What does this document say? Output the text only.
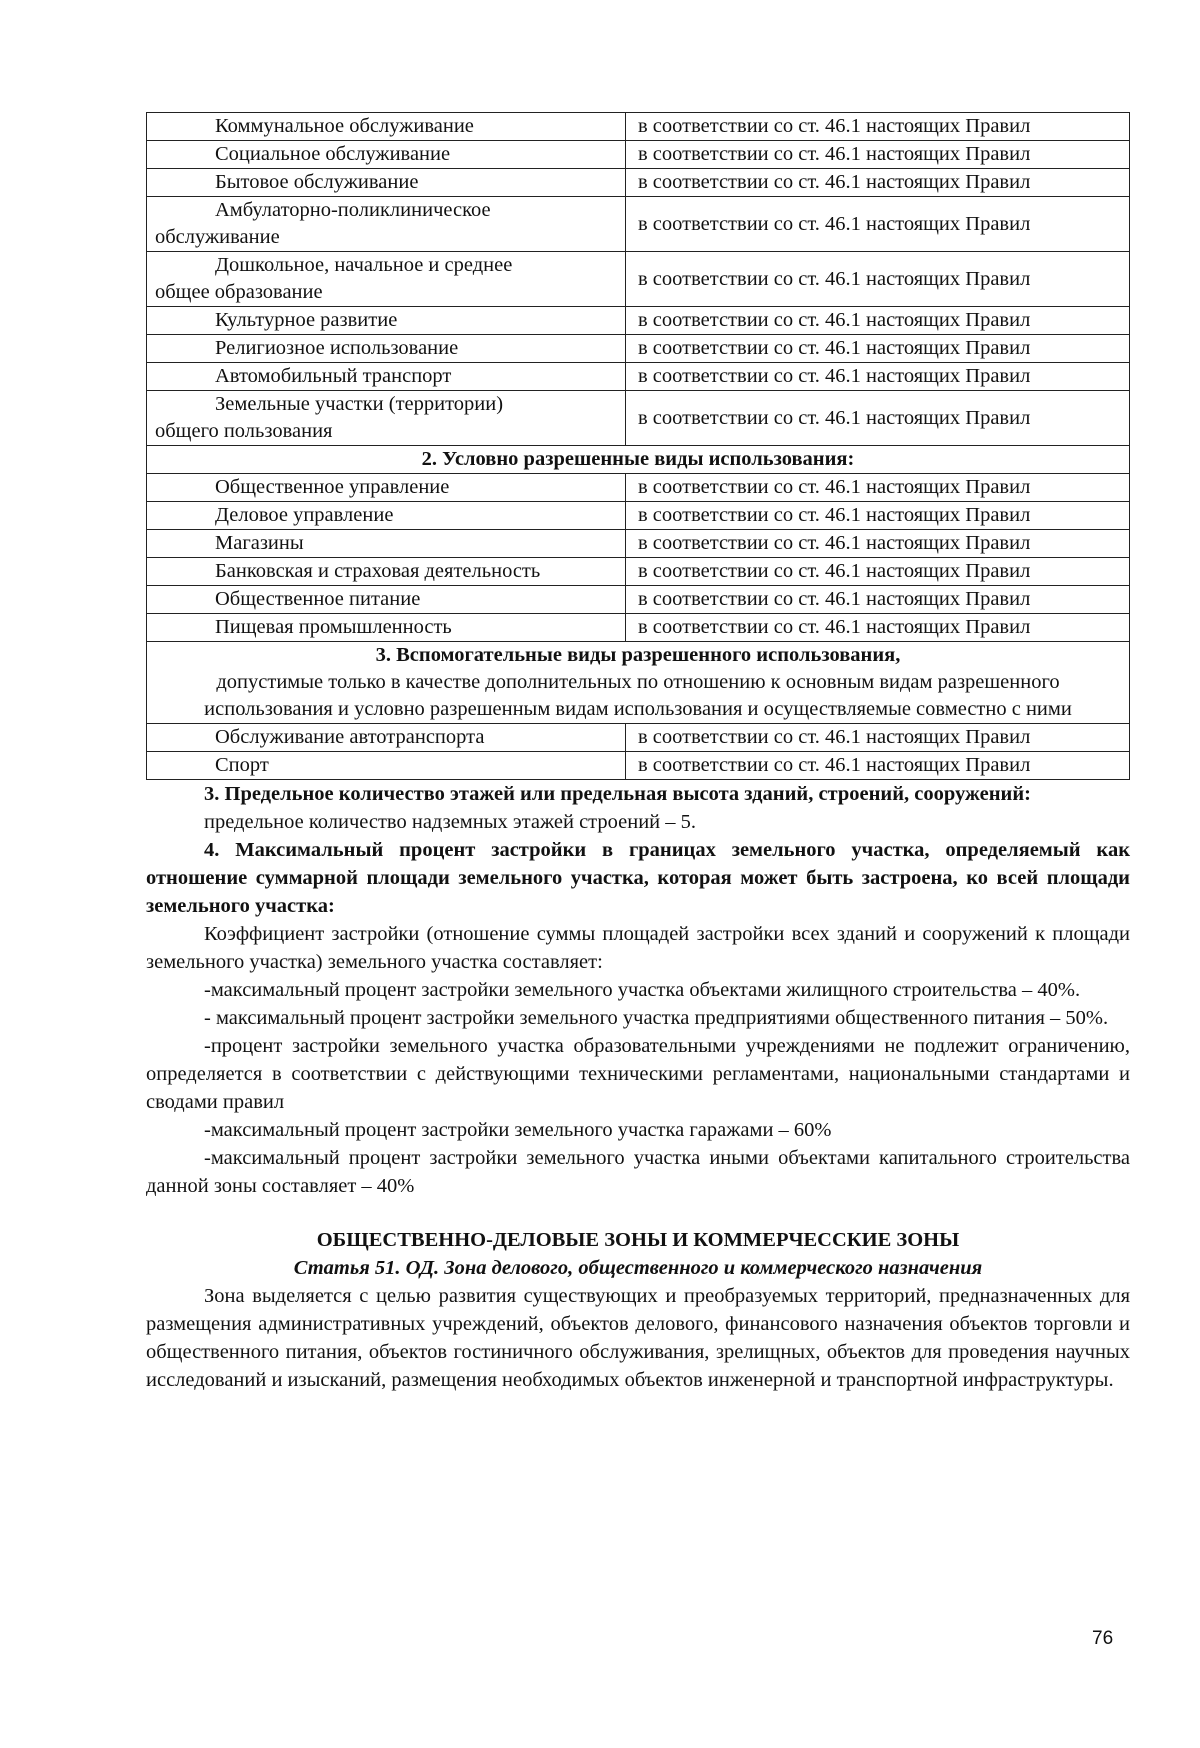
Коммунальное обслуживание	в соответствии со ст. 46.1 настоящих Правил

Социальное обслуживание	в соответствии со ст. 46.1 настоящих Правил

Бытовое обслуживание	в соответствии со ст. 46.1 настоящих Правил

Амбулаторно-поликлиническое
обслуживание	в соответствии со ст. 46.1 настоящих Правил

Дошкольное, начальное и среднее
общее образование	в соответствии со ст. 46.1 настоящих Правил

Культурное развитие	в соответствии со ст. 46.1 настоящих Правил

Религиозное использование	в соответствии со ст. 46.1 настоящих Правил

Автомобильный транспорт	в соответствии со ст. 46.1 настоящих Правил

Земельные участки (территории)
общего пользования	в соответствии со ст. 46.1 настоящих Правил
2. Условно разрешенные виды использования:	

Общественное управление	в соответствии со ст. 46.1 настоящих Правил

Деловое управление	в соответствии со ст. 46.1 настоящих Правил

Магазины	в соответствии со ст. 46.1 настоящих Правил

Банковская и страховая деятельность	в соответствии со ст. 46.1 настоящих Правил

Общественное питание	в соответствии со ст. 46.1 настоящих Правил

Пищевая промышленность	в соответствии со ст. 46.1 настоящих Правил

3. Вспомогательные виды разрешенного использования,
допустимые только в качестве дополнительных по отношению к основным видам разрешенного использования и условно разрешенным видам использования и осуществляемые совместно с ними	

Обслуживание автотранспорта	в соответствии со ст. 46.1 настоящих Правил

Спорт	в соответствии со ст. 46.1 настоящих Правил

3. Предельное количество этажей или предельная высота зданий, строений, сооружений:

предельное количество надземных этажей строений – 5.

4. Максимальный процент застройки в границах земельного участка, определяемый как отношение суммарной площади земельного участка, которая может быть застроена, ко всей площади земельного участка:

Коэффициент застройки (отношение суммы площадей застройки всех зданий и сооружений к площади земельного участка) земельного участка составляет:

-максимальный процент застройки земельного участка объектами жилищного строительства – 40%.

- максимальный процент застройки земельного участка предприятиями общественного питания – 50%.

-процент застройки земельного участка образовательными учреждениями не подлежит ограничению, определяется в соответствии с действующими техническими регламентами, национальными стандартами и сводами правил

-максимальный процент застройки земельного участка гаражами – 60%

-максимальный процент застройки земельного участка иными объектами капитального строительства данной зоны составляет – 40%

ОБЩЕСТВЕННО-ДЕЛОВЫЕ ЗОНЫ И КОММЕРЧЕССКИЕ ЗОНЫ
Статья 51. ОД. Зона делового, общественного и коммерческого назначения

Зона выделяется с целью развития существующих и преобразуемых территорий, предназначенных для размещения административных учреждений, объектов делового, финансового назначения объектов торговли и общественного питания, объектов гостиничного обслуживания, зрелищных, объектов для проведения научных исследований и изысканий, размещения необходимых объектов инженерной и транспортной инфраструктуры.

76
